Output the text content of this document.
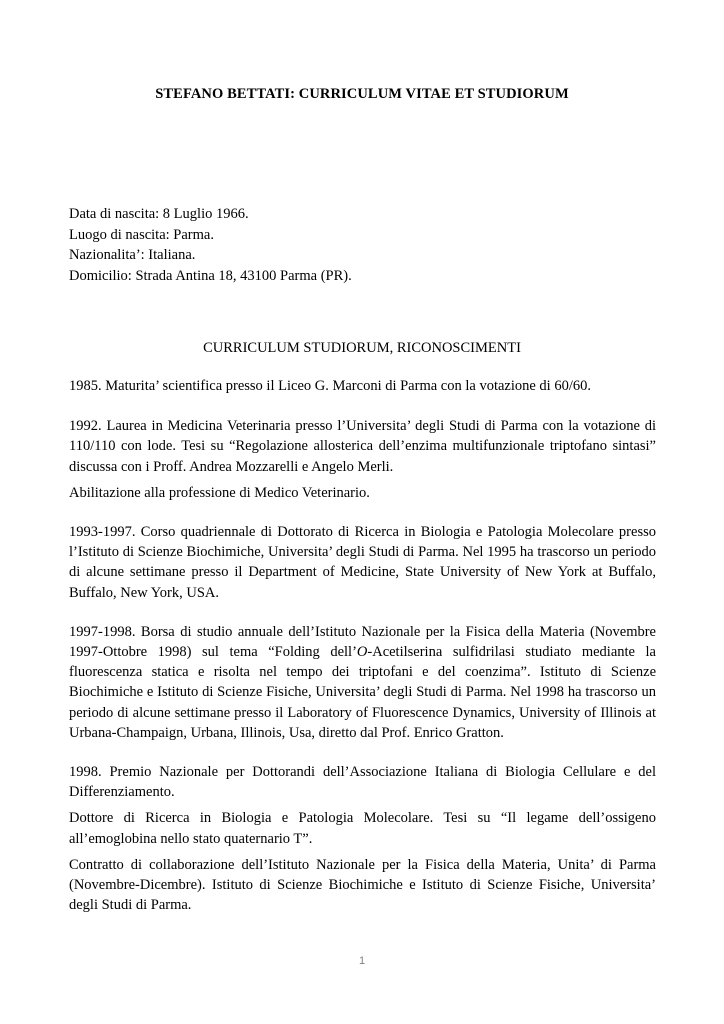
STEFANO BETTATI: CURRICULUM VITAE ET STUDIORUM
Data di nascita: 8 Luglio 1966.
Luogo di nascita: Parma.
Nazionalita’: Italiana.
Domicilio: Strada Antina 18, 43100 Parma (PR).
CURRICULUM STUDIORUM, RICONOSCIMENTI

1985. Maturita’ scientifica presso il Liceo G. Marconi di Parma con la votazione di 60/60.

1992. Laurea in Medicina Veterinaria presso l’Universita’ degli Studi di Parma con la votazione di 110/110 con lode. Tesi su “Regolazione allosterica dell’enzima multifunzionale triptofano sintasi” discussa con i Proff. Andrea Mozzarelli e Angelo Merli.

Abilitazione alla professione di Medico Veterinario.

1993-1997. Corso quadriennale di Dottorato di Ricerca in Biologia e Patologia Molecolare presso l’Istituto di Scienze Biochimiche, Universita’ degli Studi di Parma. Nel 1995 ha trascorso un periodo di alcune settimane presso il Department of Medicine, State University of New York at Buffalo, Buffalo, New York, USA.

1997-1998. Borsa di studio annuale dell’Istituto Nazionale per la Fisica della Materia (Novembre 1997-Ottobre 1998) sul tema “Folding dell’O-Acetilserina sulfidrilasi studiato mediante la fluorescenza statica e risolta nel tempo dei triptofani e del coenzima”. Istituto di Scienze Biochimiche e Istituto di Scienze Fisiche, Universita’ degli Studi di Parma. Nel 1998 ha trascorso un periodo di alcune settimane presso il Laboratory of Fluorescence Dynamics, University of Illinois at Urbana-Champaign, Urbana, Illinois, Usa, diretto dal Prof. Enrico Gratton.

1998. Premio Nazionale per Dottorandi dell’Associazione Italiana di Biologia Cellulare e del Differenziamento.

Dottore di Ricerca in Biologia e Patologia Molecolare. Tesi su “Il legame dell’ossigeno all’emoglobina nello stato quaternario T”.

Contratto di collaborazione dell’Istituto Nazionale per la Fisica della Materia, Unita’ di Parma (Novembre-Dicembre). Istituto di Scienze Biochimiche e Istituto di Scienze Fisiche, Universita’ degli Studi di Parma.

1
